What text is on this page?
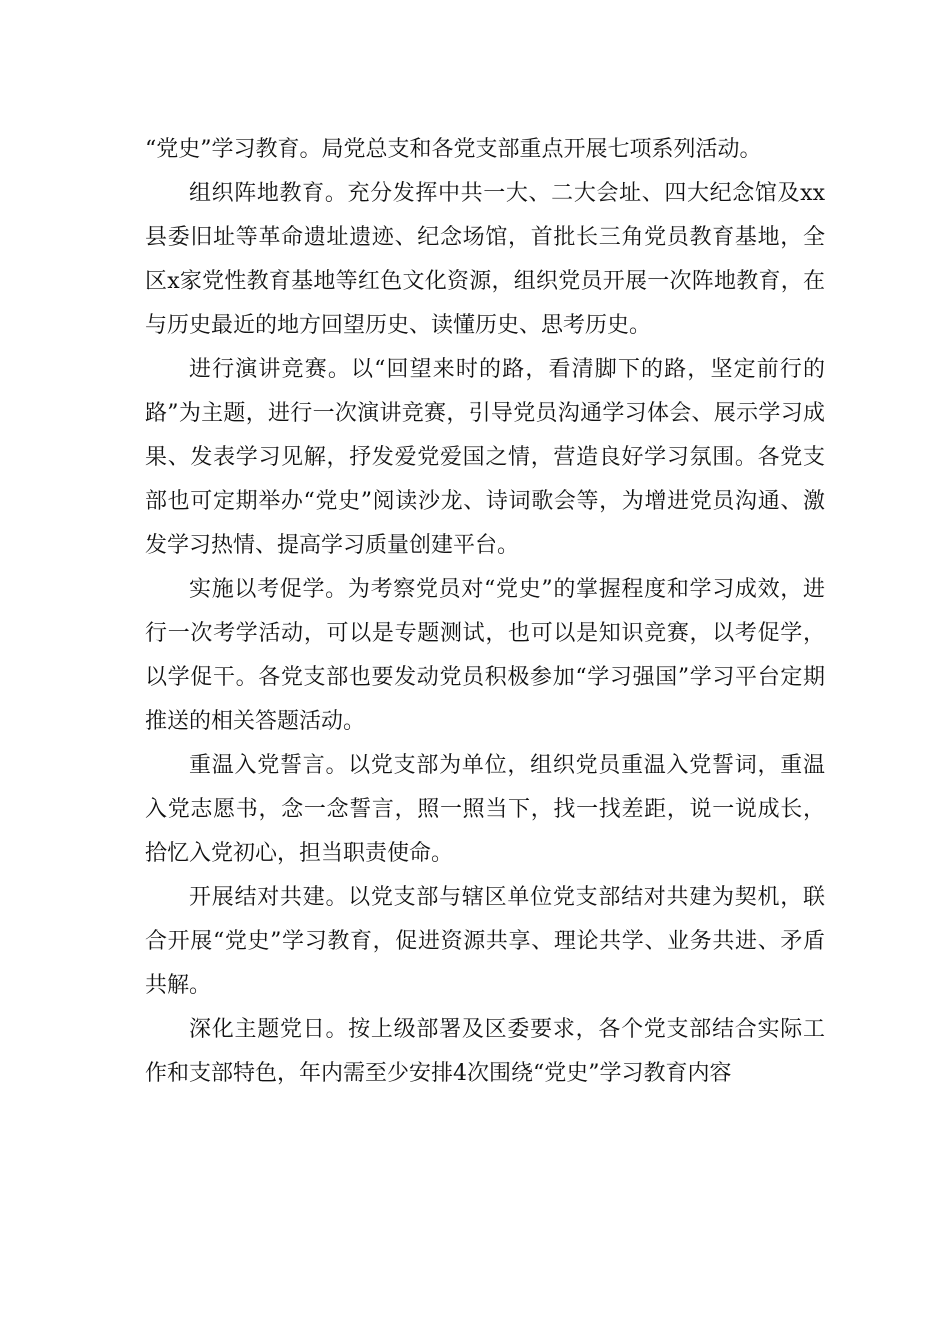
“党史”学习教育。局党总支和各党支部重点开展七项系列活动。

组织阵地教育。充分发挥中共一大、二大会址、四大纪念馆及xx县委旧址等革命遗址遗迹、纪念场馆，首批长三角党员教育基地，全区x家党性教育基地等红色文化资源，组织党员开展一次阵地教育，在与历史最近的地方回望历史、读懂历史、思考历史。

进行演讲竞赛。以“回望来时的路，看清脚下的路，坚定前行的路”为主题，进行一次演讲竞赛，引导党员沟通学习体会、展示学习成果、发表学习见解，抒发爱党爱国之情，营造良好学习氛围。各党支部也可定期举办“党史”阅读沙龙、诗词歌会等，为增进党员沟通、激发学习热情、提高学习质量创建平台。

实施以考促学。为考察党员对“党史”的掌握程度和学习成效，进行一次考学活动，可以是专题测试，也可以是知识竞赛，以考促学，以学促干。各党支部也要发动党员积极参加“学习强国”学习平台定期推送的相关答题活动。

重温入党誓言。以党支部为单位，组织党员重温入党誓词，重温入党志愿书，念一念誓言，照一照当下，找一找差距，说一说成长，拾忆入党初心，担当职责使命。

开展结对共建。以党支部与辖区单位党支部结对共建为契机，联合开展“党史”学习教育，促进资源共享、理论共学、业务共进、矛盾共解。

深化主题党日。按上级部署及区委要求，各个党支部结合实际工作和支部特色，年内需至少安排4次围绕“党史”学习教育内容
